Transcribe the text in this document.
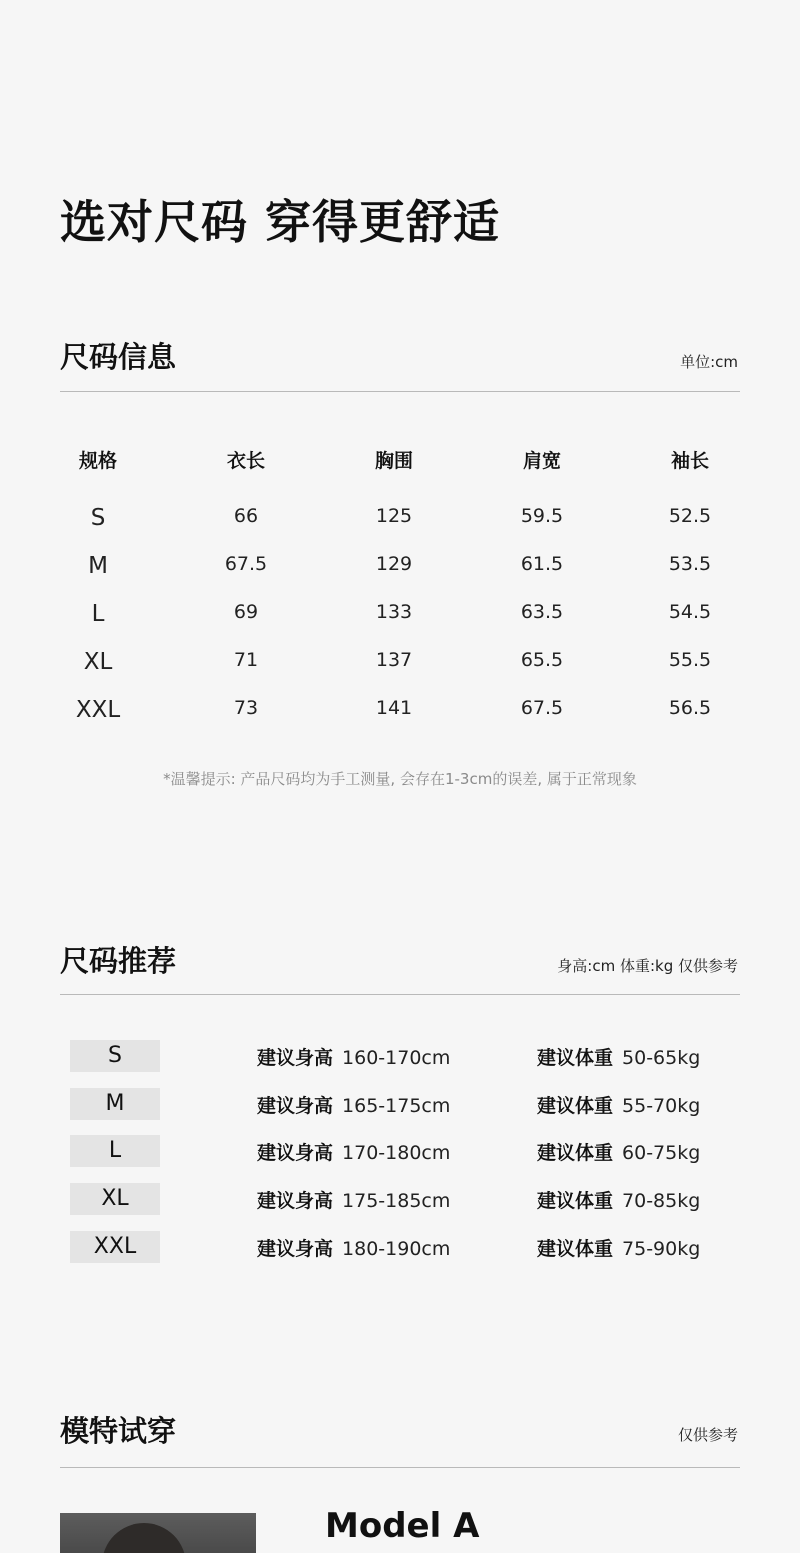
选对尺码 穿得更舒适
尺码信息	单位:cm
规格	衣长	胸围	肩宽	袖长
S	66	125	59.5	52.5
M	67.5	129	61.5	53.5
L	69	133	63.5	54.5
XL	71	137	65.5	55.5
XXL	73	141	67.5	56.5
*温馨提示: 产品尺码均为手工测量, 会存在1-3cm的误差, 属于正常现象
尺码推荐	身高:cm 体重:kg 仅供参考
S	建议身高 160-170cm	建议体重 50-65kg
M	建议身高 165-175cm	建议体重 55-70kg
L	建议身高 170-180cm	建议体重 60-75kg
XL	建议身高 175-185cm	建议体重 70-85kg
XXL	建议身高 180-190cm	建议体重 75-90kg
模特试穿	仅供参考
Model A
